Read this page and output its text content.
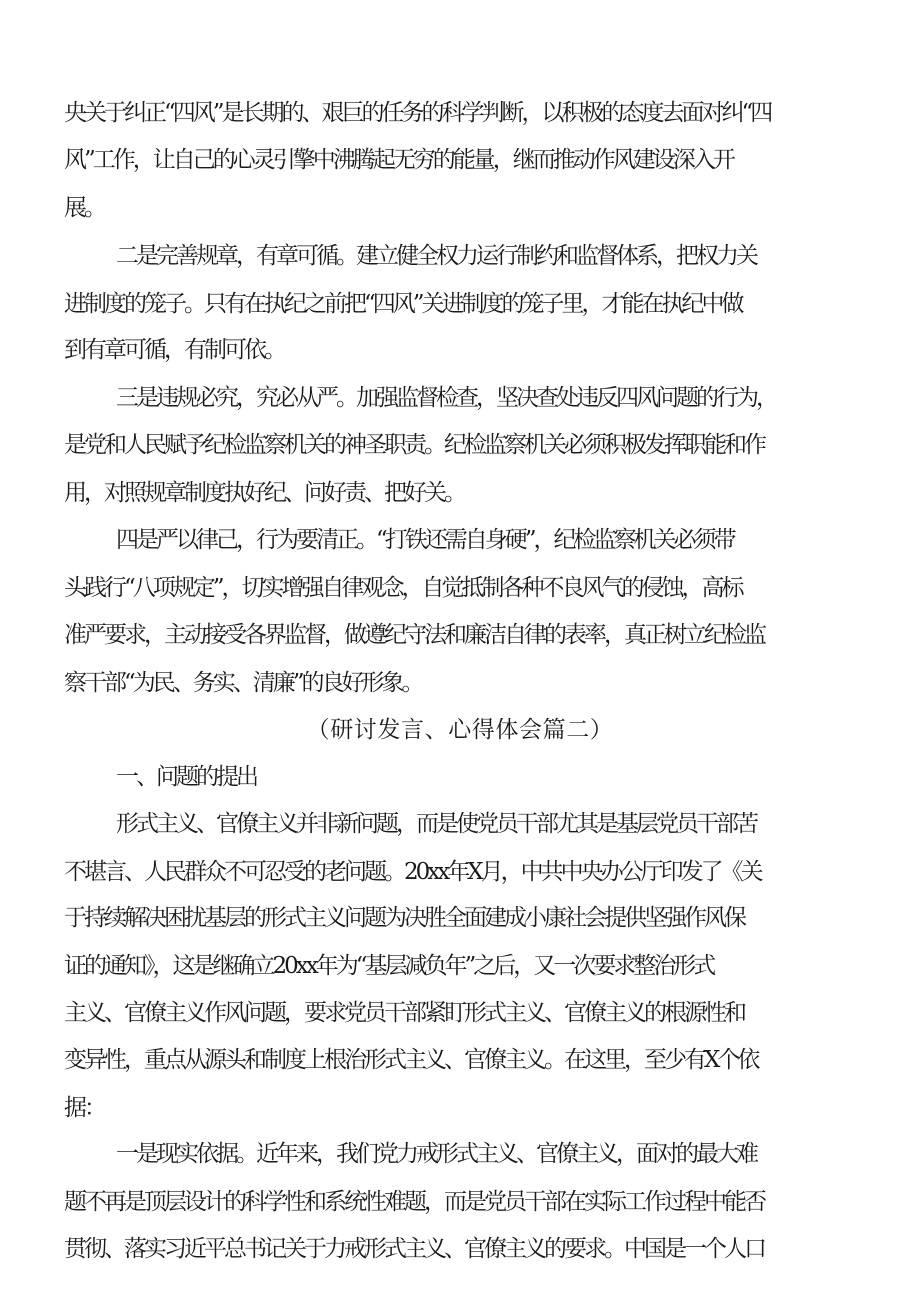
央关于纠正“四风”是长期的、艰巨的任务的科学判断，以积极的态度去面对纠“四
风”工作，让自己的心灵引擎中沸腾起无穷的能量，继而推动作风建设深入开
展。
二是完善规章，有章可循。建立健全权力运行制约和监督体系，把权力关
进制度的笼子。只有在执纪之前把“四风”关进制度的笼子里，才能在执纪中做
到有章可循，有制可依。
三是违规必究，究必从严。加强监督检查，坚决查处违反四风问题的行为，
是党和人民赋予纪检监察机关的神圣职责。纪检监察机关必须积极发挥职能和作
用，对照规章制度执好纪、问好责、把好关。
四是严以律己，行为要清正。“打铁还需自身硬”，纪检监察机关必须带
头践行“八项规定”，切实增强自律观念，自觉抵制各种不良风气的侵蚀，高标
准严要求，主动接受各界监督，做遵纪守法和廉洁自律的表率，真正树立纪检监
察干部“为民、务实、清廉”的良好形象。
（研讨发言、心得体会篇二）
一、问题的提出
形式主义、官僚主义并非新问题，而是使党员干部尤其是基层党员干部苦
不堪言、人民群众不可忍受的老问题。20xx年X月，中共中央办公厅印发了《关
于持续解决困扰基层的形式主义问题为决胜全面建成小康社会提供坚强作风保
证的通知》，这是继确立20xx年为“基层减负年”之后，又一次要求整治形式
主义、官僚主义作风问题，要求党员干部紧盯形式主义、官僚主义的根源性和
变异性，重点从源头和制度上根治形式主义、官僚主义。在这里，至少有X个依
据：
一是现实依据。近年来，我们党力戒形式主义、官僚主义，面对的最大难
题不再是顶层设计的科学性和系统性难题，而是党员干部在实际工作过程中能否
贯彻、落实习近平总书记关于力戒形式主义、官僚主义的要求。中国是一个人口
